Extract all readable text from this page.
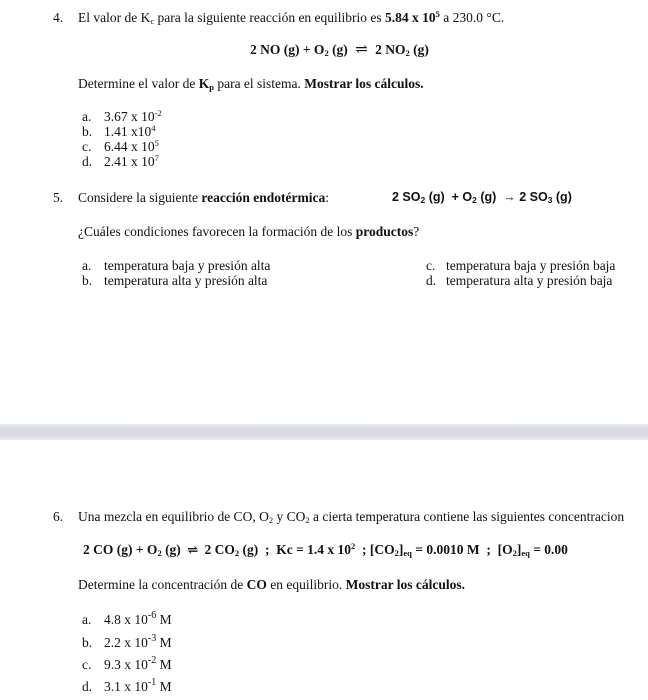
4. El valor de $K_c$ para la siguiente reacción en equilibrio es 5.84 x $10^5$ a 230.0 °C.
2 NO $(g) + O_2$ (g) ⇌ 2 $NO_2$ (g)
Determine el valor de $K_p$ para el sistema. Mostrar los cálculos.
a. 3.67 x $10^{-2}$
b. 1.41 $x10^4$
c. 6.44 x $10^5$
d. 2.41 x $10^7$
5. Considere la siguiente reacción endotérmica:	2 $SO_2$ $(g) + O_2$ (g)  → 2 $SO_3$ (g)
¿Cuáles condiciones favorecen la formación de los productos?
a. temperatura baja y presión alta
b. temperatura alta y presión alta
c. temperatura baja y presión baja
d. temperatura alta y presión baja
6. Una mezcla en equilibrio de CO, $O_2$ y $CO_2$ a cierta temperatura contiene las siguientes concentracion
2 CO $(g) + O_2$ (g) ⇌ 2 $CO_2$ (g)  ;  Kc = 1.4 x $10^2$  ; $[CO_2]_{eq} = 0.0010$ M  ;  $[O_2]_{eq} = 0.00$
Determine la concentración de CO en equilibrio. Mostrar los cálculos.
a. 4.8 x $10^{-6}$ M
b. 2.2 x $10^{-3}$ M
c. 9.3 x $10^{-2}$ M
d. 3.1 x $10^{-1}$ M
